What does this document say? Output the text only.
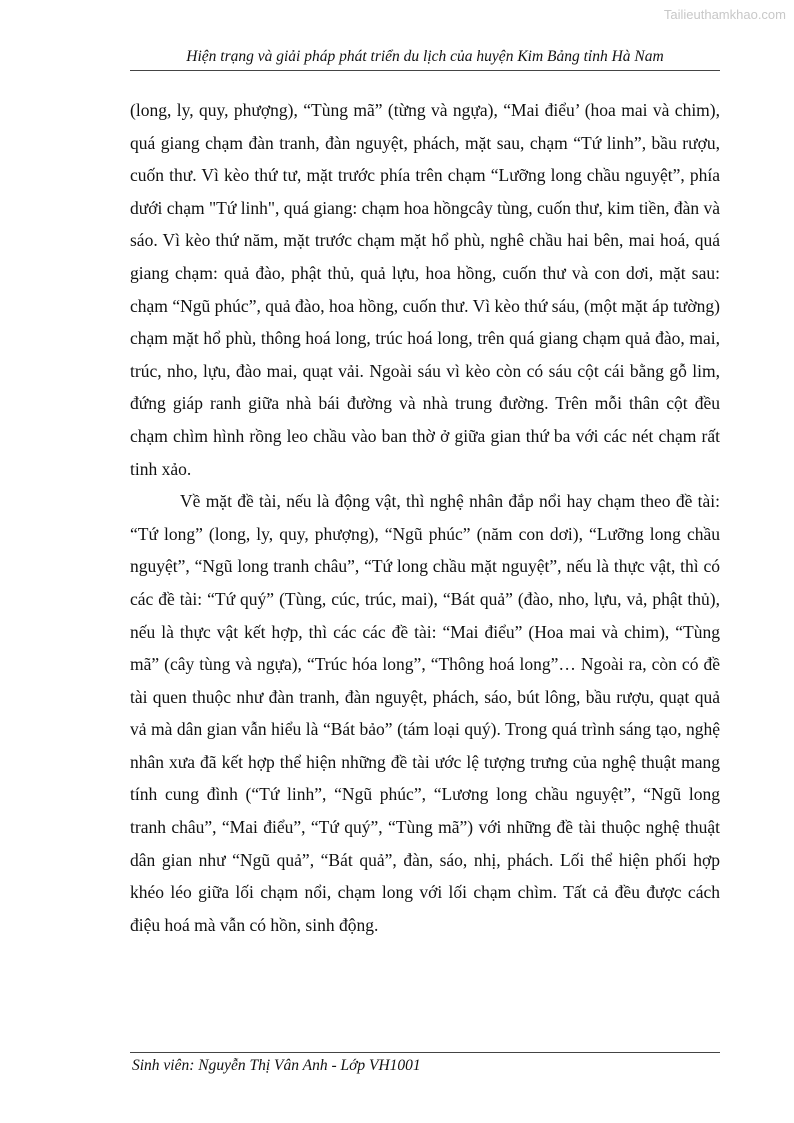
Tailieuthamkhao.com
Hiện trạng và giải pháp phát triển du lịch của huyện Kim Bảng tỉnh Hà Nam

(long, ly, quy, phượng), “Tùng mã” (từng và ngựa), “Mai điểu’ (hoa mai và chim), quá giang chạm đàn tranh, đàn nguyệt, phách, mặt sau, chạm “Tứ linh”, bầu rượu, cuốn thư. Vì kèo thứ tư, mặt trước phía trên chạm “Lưỡng long chầu nguyệt”, phía dưới chạm "Tứ linh", quá giang: chạm hoa hồngcây tùng, cuốn thư, kim tiền, đàn và sáo. Vì kèo thứ năm, mặt trước chạm mặt hổ phù, nghê chầu hai bên, mai hoá, quá giang chạm: quả đào, phật thủ, quả lựu, hoa hồng, cuốn thư và con dơi, mặt sau: chạm “Ngũ phúc”, quả đào, hoa hồng, cuốn thư. Vì kèo thứ sáu, (một mặt áp tường) chạm mặt hổ phù, thông hoá long, trúc hoá long, trên quá giang chạm quả đào, mai, trúc, nho, lựu, đào mai, quạt vải. Ngoài sáu vì kèo còn có sáu cột cái bằng gỗ lim, đứng giáp ranh giữa nhà bái đường và nhà trung đường. Trên mỗi thân cột đều chạm chìm hình rồng leo chầu vào ban thờ ở giữa gian thứ ba với các nét chạm rất tinh xảo.

Về mặt đề tài, nếu là động vật, thì nghệ nhân đắp nổi hay chạm theo đề tài: “Tứ long” (long, ly, quy, phượng), “Ngũ phúc” (năm con dơi), “Lưỡng long chầu nguyệt”, “Ngũ long tranh châu”, “Tứ long chầu mặt nguyệt”, nếu là thực vật, thì có các đề tài: “Tứ quý” (Tùng, cúc, trúc, mai), “Bát quả” (đào, nho, lựu, vả, phật thủ), nếu là thực vật kết hợp, thì các các đề tài: “Mai điểu” (Hoa mai và chim), “Tùng mã” (cây tùng và ngựa), “Trúc hóa long”, “Thông hoá long”… Ngoài ra, còn có đề tài quen thuộc như đàn tranh, đàn nguyệt, phách, sáo, bút lông, bầu rượu, quạt quả vả mà dân gian vẫn hiểu là “Bát bảo” (tám loại quý). Trong quá trình sáng tạo, nghệ nhân xưa đã kết hợp thể hiện những đề tài ước lệ tượng trưng của nghệ thuật mang tính cung đình (“Tứ linh”, “Ngũ phúc”, “Lương long chầu nguyệt”, “Ngũ long tranh châu”, “Mai điểu”, “Tứ quý”, “Tùng mã”) với những đề tài thuộc nghệ thuật dân gian như “Ngũ quả”, “Bát quả”, đàn, sáo, nhị, phách. Lối thể hiện phối hợp khéo léo giữa lối chạm nổi, chạm long với lối chạm chìm. Tất cả đều được cách điệu hoá mà vẫn có hồn, sinh động.

Sinh viên: Nguyễn Thị Vân Anh - Lớp VH1001
